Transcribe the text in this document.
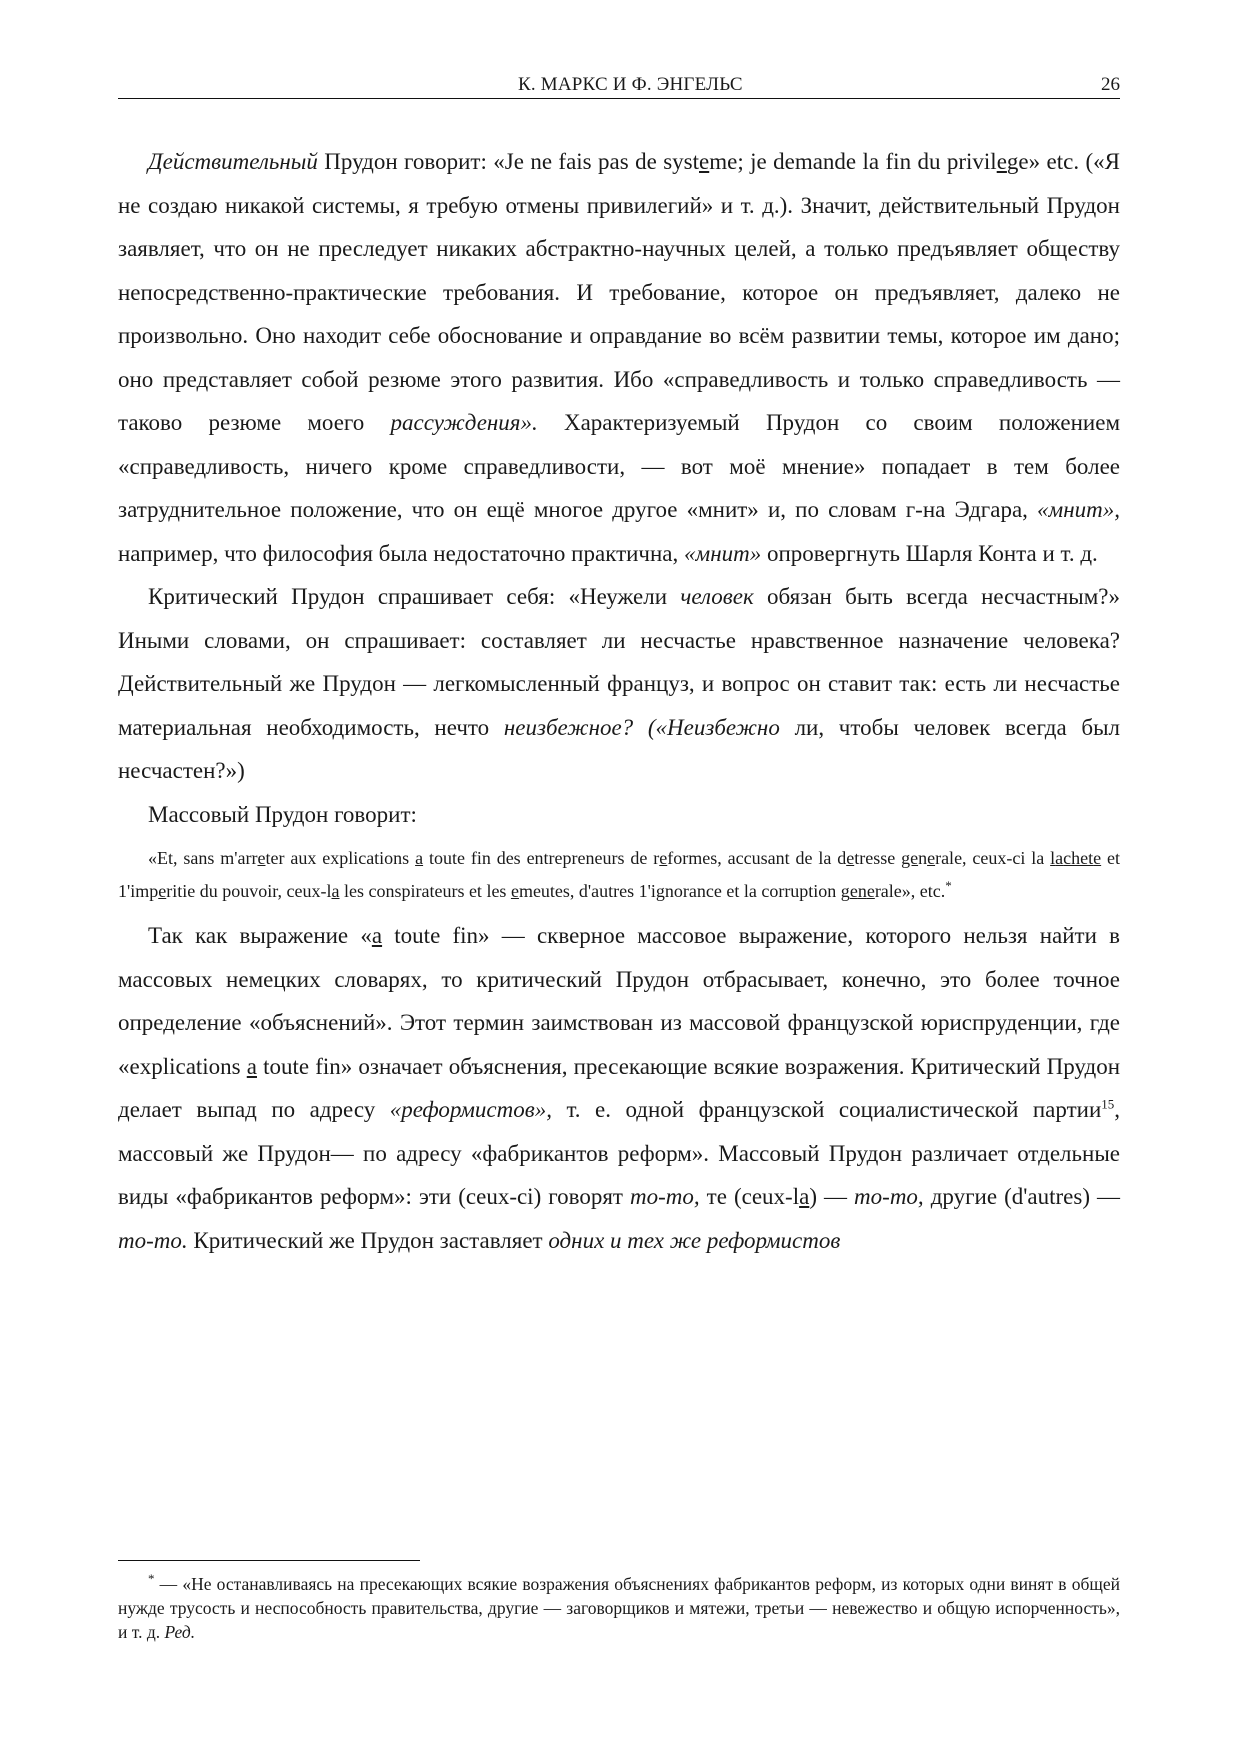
К. МАРКС И Ф. ЭНГЕЛЬС	26

Действительный Прудон говорит: «Je ne fais pas de systeme; je demande la fin du privilege» etc. («Я не создаю никакой системы, я требую отмены привилегий» и т. д.). Значит, действительный Прудон заявляет, что он не преследует никаких абстрактно-научных целей, а только предъявляет обществу непосредственно-практические требования. И требование, которое он предъявляет, далеко не произвольно. Оно находит себе обоснование и оправдание во всём развитии темы, которое им дано; оно представляет собой резюме этого развития. Ибо «справедливость и только справедливость — таково резюме моего рассуждения». Характеризуемый Прудон со своим положением «справедливость, ничего кроме справедливости, — вот моё мнение» попадает в тем более затруднительное положение, что он ещё многое другое «мнит» и, по словам г-на Эдгара, «мнит», например, что философия была недостаточно практична, «мнит» опровергнуть Шарля Конта и т. д.

Критический Прудон спрашивает себя: «Неужели человек обязан быть всегда несчастным?» Иными словами, он спрашивает: составляет ли несчастье нравственное назначение человека? Действительный же Прудон — легкомысленный француз, и вопрос он ставит так: есть ли несчастье материальная необходимость, нечто неизбежное? («Неизбежно ли, чтобы человек всегда был несчастен?»)

Массовый Прудон говорит:

«Et, sans m'arreter aux explications a toute fin des entrepreneurs de reformes, accusant de la detresse generale, ceux-ci la lachete et 1'imperitie du pouvoir, ceux-la les conspirateurs et les emeutes, d'autres 1'ignorance et la corruption generale», etc.*

Так как выражение «a toute fin» — скверное массовое выражение, которого нельзя найти в массовых немецких словарях, то критический Прудон отбрасывает, конечно, это более точное определение «объяснений». Этот термин заимствован из массовой французской юриспруденции, где «explications a toute fin» означает объяснения, пресекающие всякие возражения. Критический Прудон делает выпад по адресу «реформистов», т. е. одной французской социалистической партии$^{15}$, массовый же Прудон— по адресу «фабрикантов реформ». Массовый Прудон различает отдельные виды «фабрикантов реформ»: эти (ceux-ci) говорят то-то, те (ceux-la) — то-то, другие (d'autres) — то-то. Критический же Прудон заставляет одних и тех же реформистов

* — «Не останавливаясь на пресекающих всякие возражения объяснениях фабрикантов реформ, из которых одни винят в общей нужде трусость и неспособность правительства, другие — заговорщиков и мятежи, третьи — невежество и общую испорченность», и т. д. Ред.
